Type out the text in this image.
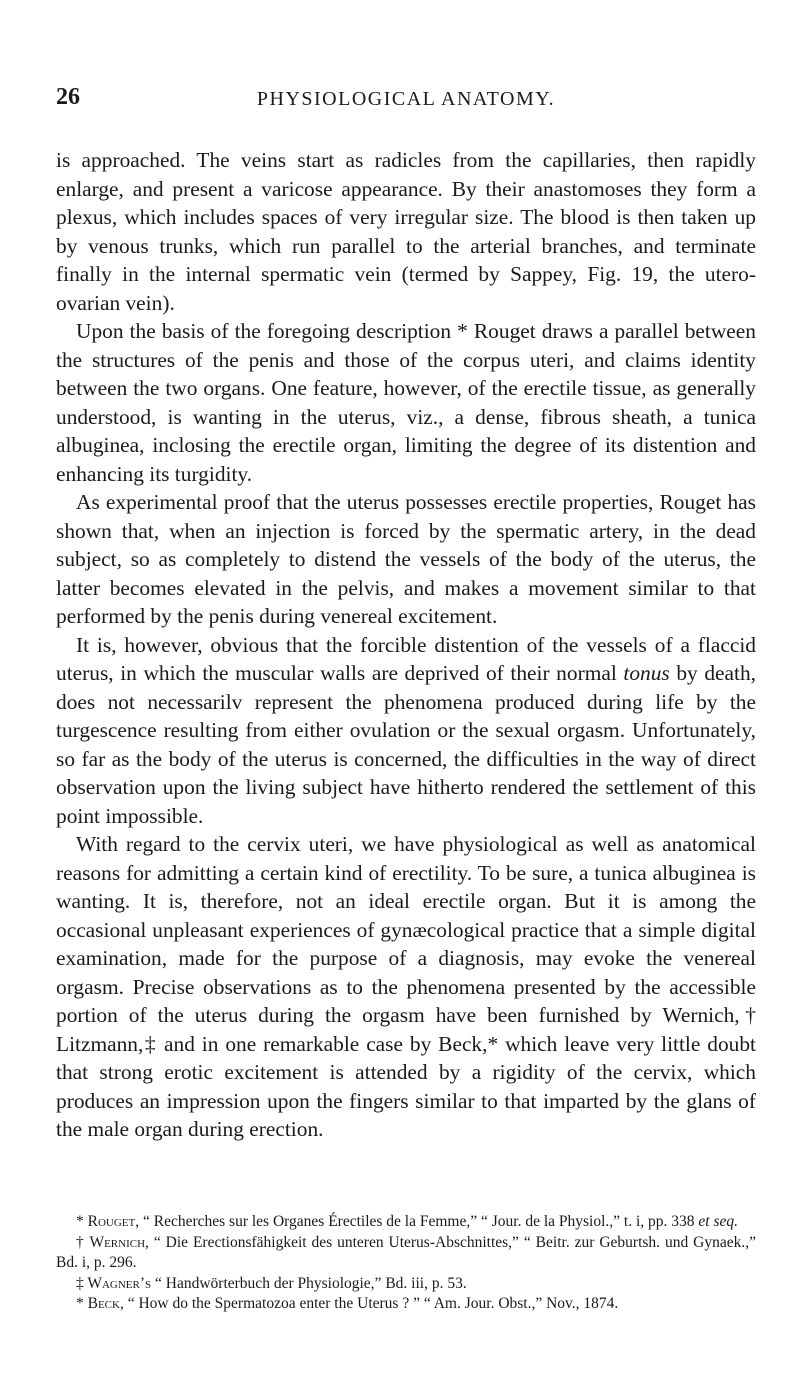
26	PHYSIOLOGICAL ANATOMY.

is approached. The veins start as radicles from the capillaries, then rapidly enlarge, and present a varicose appearance. By their anastomoses they form a plexus, which includes spaces of very irregular size. The blood is then taken up by venous trunks, which run parallel to the arterial branches, and terminate finally in the internal spermatic vein (termed by Sappey, Fig. 19, the utero-ovarian vein).

Upon the basis of the foregoing description * Rouget draws a parallel between the structures of the penis and those of the corpus uteri, and claims identity between the two organs. One feature, however, of the erectile tissue, as generally understood, is wanting in the uterus, viz., a dense, fibrous sheath, a tunica albuginea, inclosing the erectile organ, limiting the degree of its distention and enhancing its turgidity.

As experimental proof that the uterus possesses erectile properties, Rouget has shown that, when an injection is forced by the spermatic artery, in the dead subject, so as completely to distend the vessels of the body of the uterus, the latter becomes elevated in the pelvis, and makes a movement similar to that performed by the penis during venereal excitement.

It is, however, obvious that the forcible distention of the vessels of a flaccid uterus, in which the muscular walls are deprived of their normal tonus by death, does not necessarilv represent the phenomena produced during life by the turgescence resulting from either ovulation or the sexual orgasm. Unfortunately, so far as the body of the uterus is concerned, the difficulties in the way of direct observation upon the living subject have hitherto rendered the settlement of this point impossible.

With regard to the cervix uteri, we have physiological as well as anatomical reasons for admitting a certain kind of erectility. To be sure, a tunica albuginea is wanting. It is, therefore, not an ideal erectile organ. But it is among the occasional unpleasant experiences of gynæcological practice that a simple digital examination, made for the purpose of a diagnosis, may evoke the venereal orgasm. Precise observations as to the phenomena presented by the accessible portion of the uterus during the orgasm have been furnished by Wernich,† Litzmann,‡ and in one remarkable case by Beck,* which leave very little doubt that strong erotic excitement is attended by a rigidity of the cervix, which produces an impression upon the fingers similar to that imparted by the glans of the male organ during erection.

* Rouget, “ Recherches sur les Organes Érectiles de la Femme,” “ Jour. de la Physiol.,” t. i, pp. 338 et seq.

† Wernich, “ Die Erectionsfähigkeit des unteren Uterus-Abschnittes,” “ Beitr. zur Geburtsh. und Gynaek.,” Bd. i, p. 296.

‡ Wagner’s “ Handwörterbuch der Physiologie,” Bd. iii, p. 53.

* Beck, “ How do the Spermatozoa enter the Uterus ? ” “ Am. Jour. Obst.,” Nov., 1874.
